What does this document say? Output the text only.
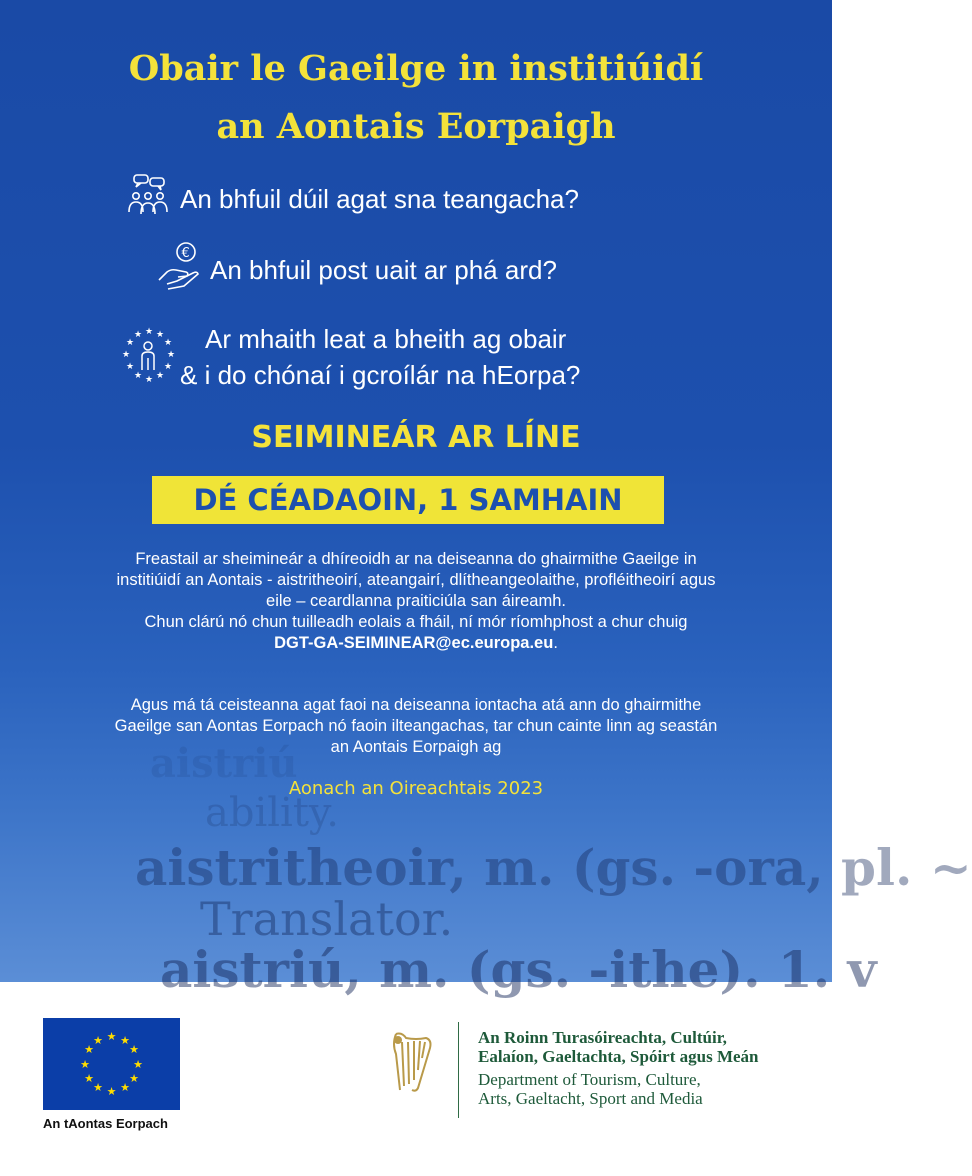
aistriú
ability.
aistritheoir, m. (gs. -ora, pl. ~
Translator.
aistriú, m. (gs. -ithe). 1. v
Obair le Gaeilge in institiúidí
an Aontais Eorpaigh
An bhfuil dúil agat sna teangacha?
€
An bhfuil post uait ar phá ard?
★ ★
★
★
★
★
★
★
★
★
★
★ Ar mhaith leat a bheith ag obair
& i do chónaí i gcroílár na hEorpa?
SEIMINEÁR AR LÍNE
DÉ CÉADAOIN, 1 SAMHAIN
Freastail ar sheimineár a dhíreoidh ar na deiseanna do ghairmithe Gaeilge in
institiúidí an Aontais - aistritheoirí, ateangairí, dlítheangeolaithe, profléitheoirí agus
eile – ceardlanna praiticiúla san áireamh.
Chun clárú nó chun tuilleadh eolais a fháil, ní mór ríomhphost a chur chuig
DGT-GA-SEIMINEAR@ec.europa.eu.
Agus má tá ceisteanna agat faoi na deiseanna iontacha atá ann do ghairmithe
Gaeilge san Aontas Eorpach nó faoin ilteangachas, tar chun cainte linn ag seastán
an Aontais Eorpaigh ag
Aonach an Oireachtais 2023
★ ★
★
★
★
★
★
★
★
★
★
★
An tAontas Eorpach
An Roinn Turasóireachta, Cultúir,
Ealaíon, Gaeltachta, Spóirt agus Meán
Department of Tourism, Culture,
Arts, Gaeltacht, Sport and Media
